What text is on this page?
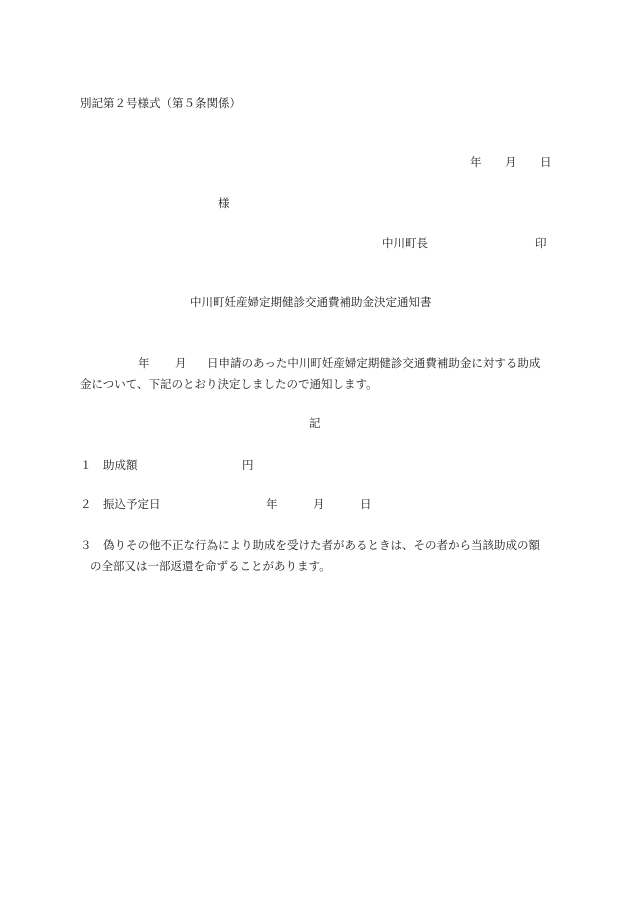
別記第２号様式（第５条関係）
年 月 日
様
中川町長	印
中川町妊産婦定期健診交通費補助金決定通知書
年 月 日申請のあった中川町妊産婦定期健診交通費補助金に対する助成
金について、下記のとおり決定しましたので通知します。
記
１ 助成額	円
２ 振込予定日	年	月	日
３ 偽りその他不正な行為により助成を受けた者があるときは、その者から当該助成の額
の全部又は一部返還を命ずることがあります。
